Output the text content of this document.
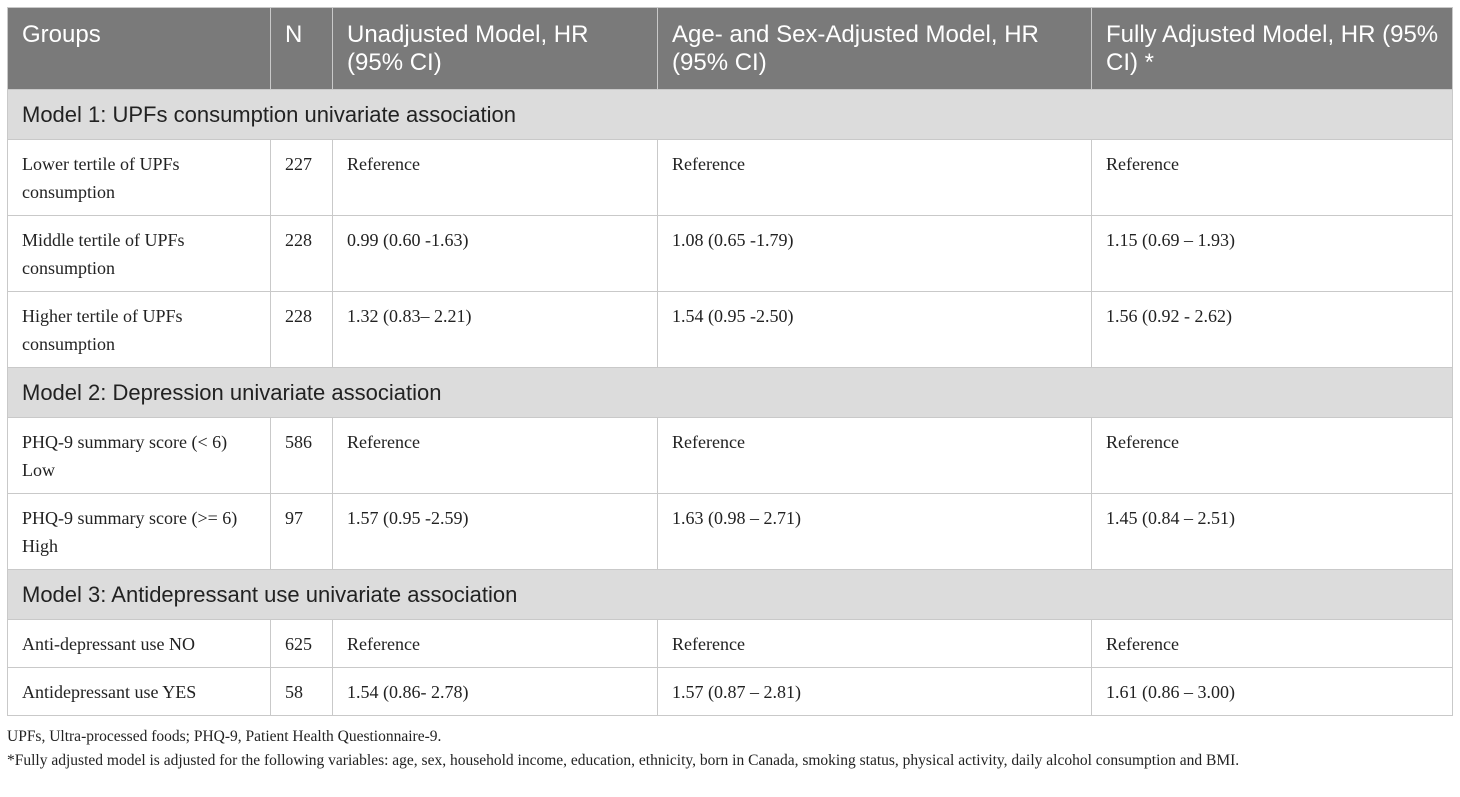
Groups	N	Unadjusted Model, HR (95% CI)	Age- and Sex-Adjusted Model, HR (95% CI)	Fully Adjusted Model, HR (95% CI) *
Model 1: UPFs consumption univariate association				
Lower tertile of UPFs consumption	227	Reference	Reference	Reference
Middle tertile of UPFs consumption	228	0.99 (0.60 -1.63)	1.08 (0.65 -1.79)	1.15 (0.69 – 1.93)
Higher tertile of UPFs consumption	228	1.32 (0.83– 2.21)	1.54 (0.95 -2.50)	1.56 (0.92 - 2.62)
Model 2: Depression univariate association				
PHQ-9 summary score (< 6) Low	586	Reference	Reference	Reference
PHQ-9 summary score (>= 6) High	97	1.57 (0.95 -2.59)	1.63 (0.98 – 2.71)	1.45 (0.84 – 2.51)
Model 3: Antidepressant use univariate association				
Anti-depressant use NO	625	Reference	Reference	Reference
Antidepressant use YES	58	1.54 (0.86- 2.78)	1.57 (0.87 – 2.81)	1.61 (0.86 – 3.00)

UPFs, Ultra-processed foods; PHQ-9, Patient Health Questionnaire-9.

*Fully adjusted model is adjusted for the following variables: age, sex, household income, education, ethnicity, born in Canada, smoking status, physical activity, daily alcohol consumption and BMI.
